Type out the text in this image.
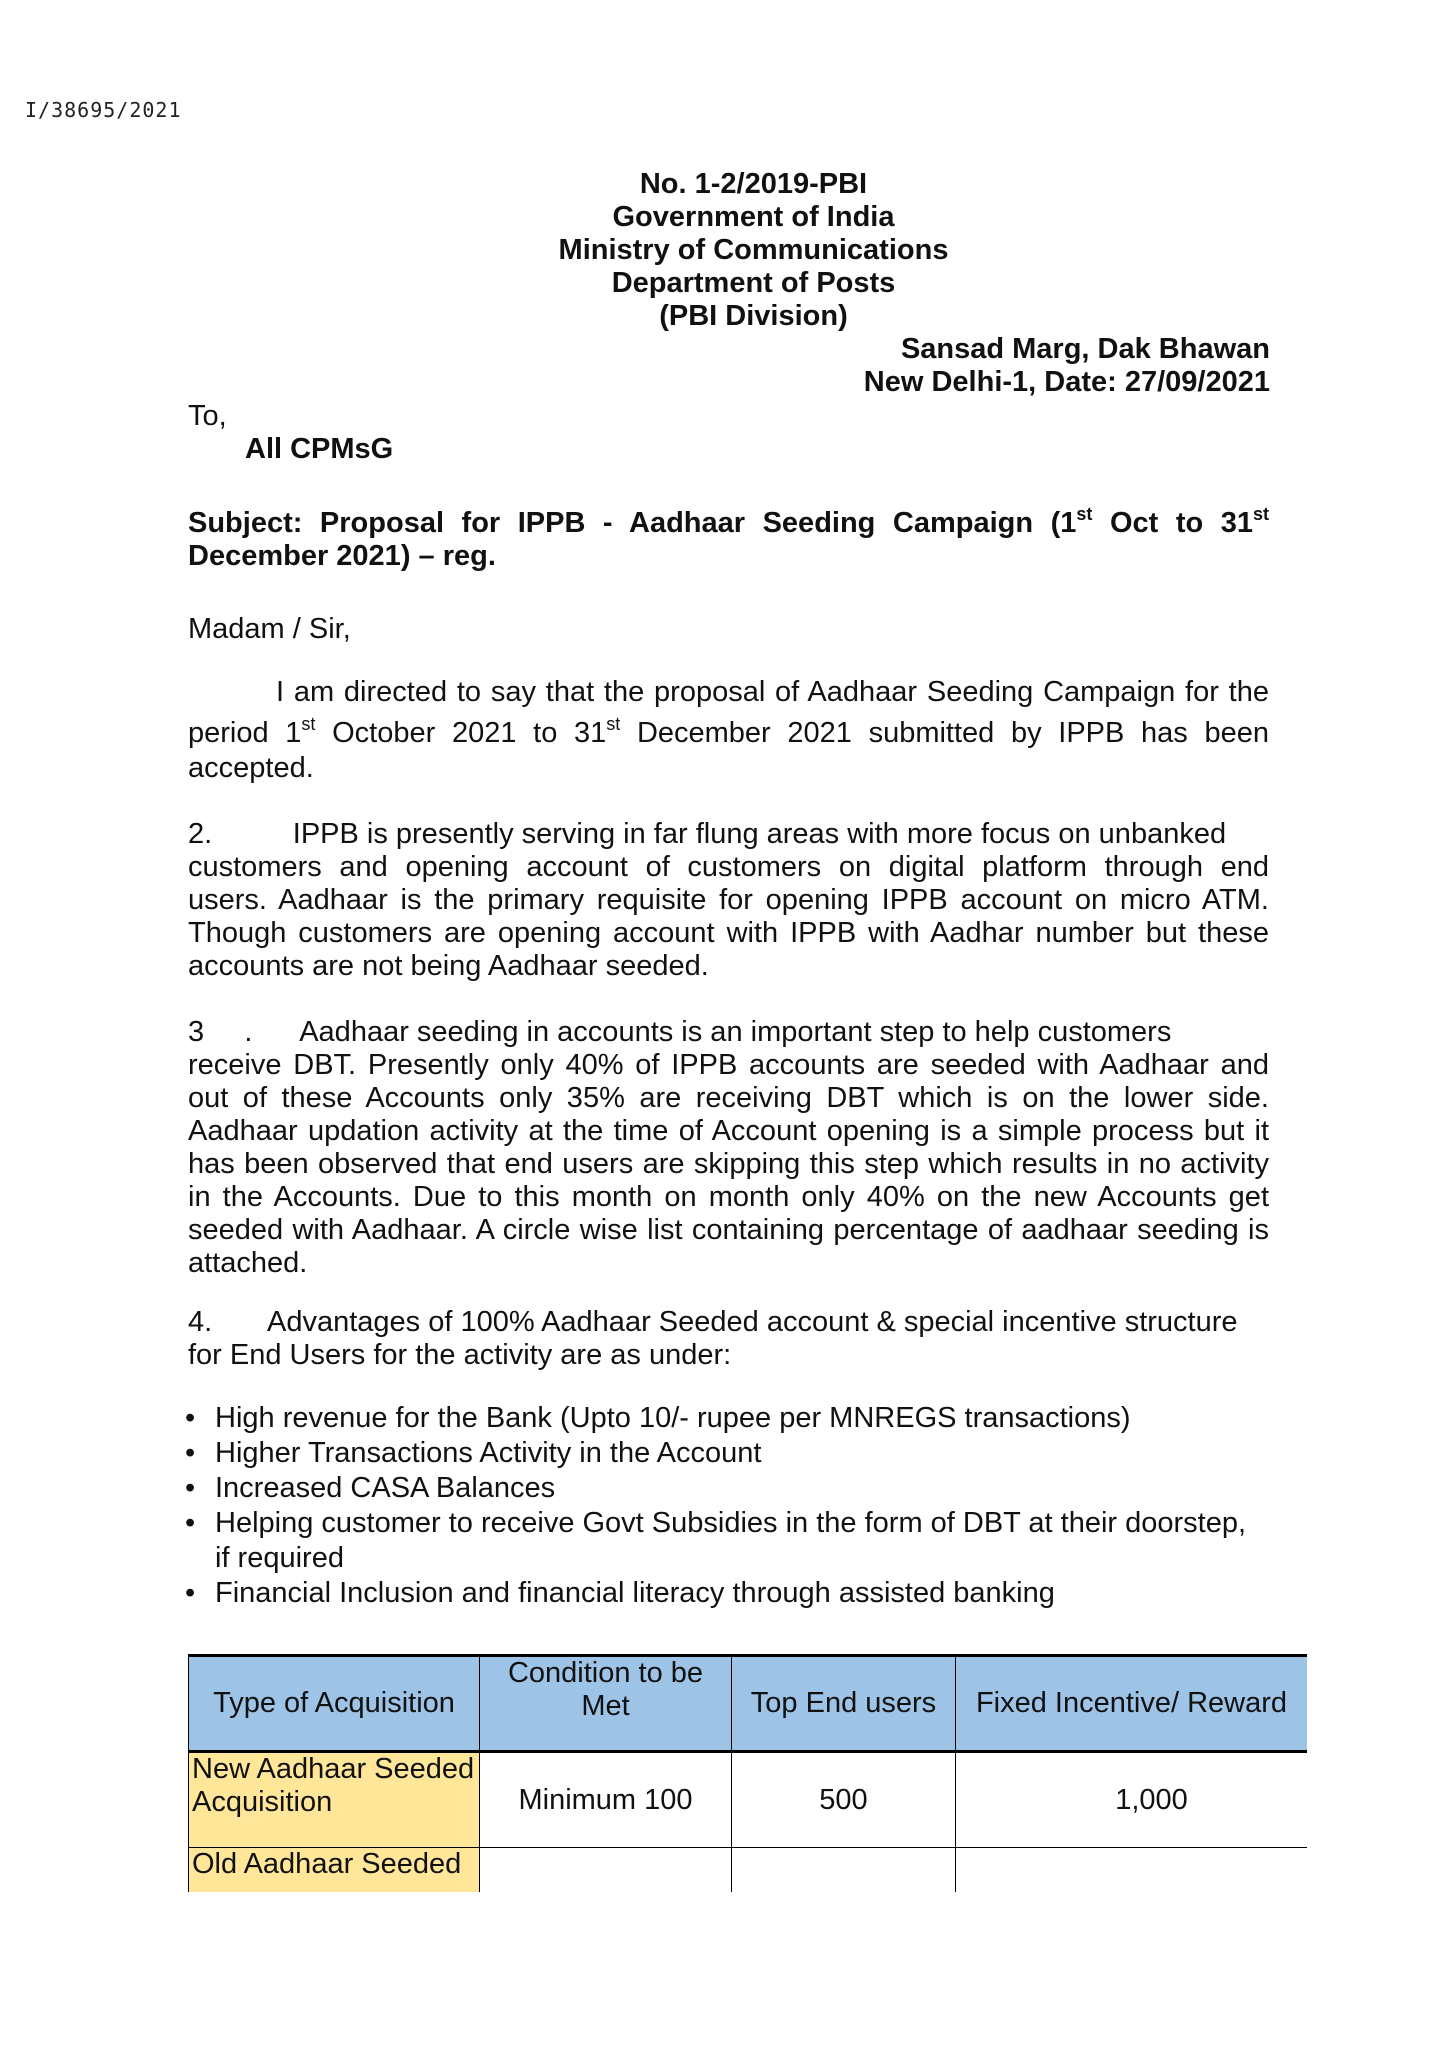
I/38695/2021
No. 1-2/2019-PBI
Government of India
Ministry of Communications
Department of Posts
(PBI Division)
Sansad Marg, Dak Bhawan
New Delhi-1, Date: 27/09/2021
To,
All CPMsG
Subject: Proposal for IPPB - Aadhaar Seeding Campaign (1st Oct to 31st
December 2021) – reg.
Madam / Sir,
I am directed to say that the proposal of Aadhaar Seeding Campaign for the
period 1st October 2021 to 31st December 2021 submitted by IPPB has been
accepted.
2.          IPPB is presently serving in far flung areas with more focus on unbanked
customers and opening account of customers on digital platform through end
users. Aadhaar is the primary requisite for opening IPPB account on micro ATM.
Though customers are opening account with IPPB with Aadhar number but these
accounts are not being Aadhaar seeded.
3     .      Aadhaar seeding in accounts is an important step to help customers
receive DBT. Presently only 40% of IPPB accounts are seeded with Aadhaar and
out of these Accounts only 35% are receiving DBT which is on the lower side.
Aadhaar updation activity at the time of Account opening is a simple process but it
has been observed that end users are skipping this step which results in no activity
in the Accounts. Due to this month on month only 40% on the new Accounts get
seeded with Aadhaar. A circle wise list containing percentage of aadhaar seeding is
attached.
4.       Advantages of 100% Aadhaar Seeded account & special incentive structure
for End Users for the activity are as under:
• High revenue for the Bank (Upto 10/- rupee per MNREGS transactions)
• Higher Transactions Activity in the Account
• Increased CASA Balances
• Helping customer to receive Govt Subsidies in the form of DBT at their doorstep,
if required
• Financial Inclusion and financial literacy through assisted banking
Type of Acquisition	Condition to be Met	Top End users	Fixed Incentive/ Reward
New Aadhaar Seeded Acquisition	Minimum 100	500	1,000
Old Aadhaar Seeded			
